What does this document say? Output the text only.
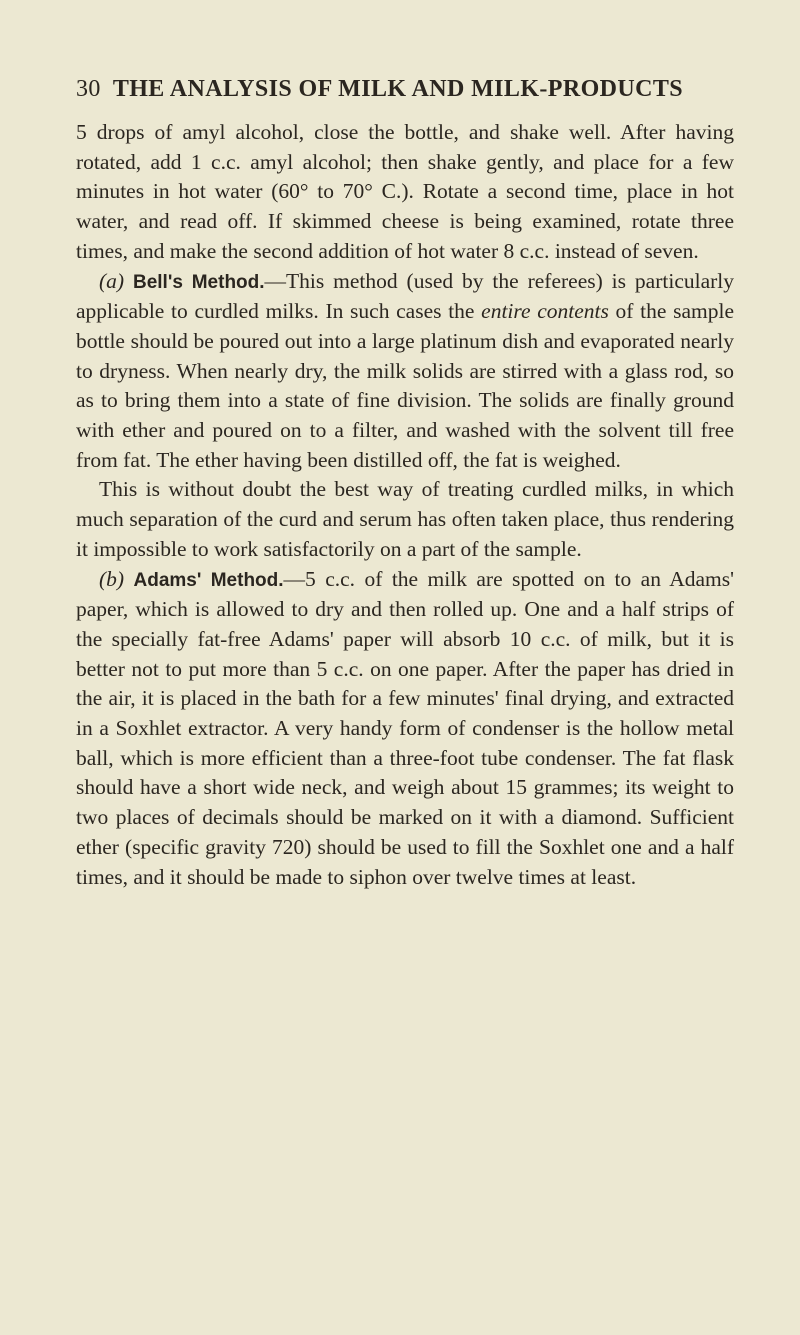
30 THE ANALYSIS OF MILK AND MILK-PRODUCTS

5 drops of amyl alcohol, close the bottle, and shake well. After having rotated, add 1 c.c. amyl alcohol; then shake gently, and place for a few minutes in hot water (60° to 70° C.). Rotate a second time, place in hot water, and read off. If skimmed cheese is being examined, rotate three times, and make the second addition of hot water 8 c.c. instead of seven.

(a) Bell's Method.—This method (used by the referees) is particularly applicable to curdled milks. In such cases the entire contents of the sample bottle should be poured out into a large platinum dish and evaporated nearly to dryness. When nearly dry, the milk solids are stirred with a glass rod, so as to bring them into a state of fine division. The solids are finally ground with ether and poured on to a filter, and washed with the solvent till free from fat. The ether having been distilled off, the fat is weighed.

This is without doubt the best way of treating curdled milks, in which much separation of the curd and serum has often taken place, thus rendering it impossible to work satisfactorily on a part of the sample.

(b) Adams' Method.—5 c.c. of the milk are spotted on to an Adams' paper, which is allowed to dry and then rolled up. One and a half strips of the specially fat-free Adams' paper will absorb 10 c.c. of milk, but it is better not to put more than 5 c.c. on one paper. After the paper has dried in the air, it is placed in the bath for a few minutes' final drying, and extracted in a Soxhlet extractor. A very handy form of condenser is the hollow metal ball, which is more efficient than a three-foot tube condenser. The fat flask should have a short wide neck, and weigh about 15 grammes; its weight to two places of decimals should be marked on it with a diamond. Sufficient ether (specific gravity 720) should be used to fill the Soxhlet one and a half times, and it should be made to siphon over twelve times at least.
